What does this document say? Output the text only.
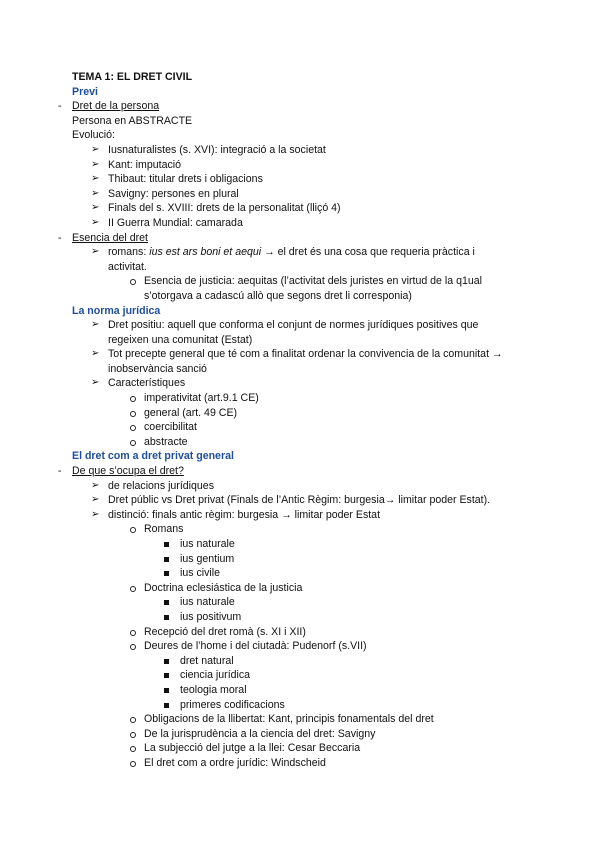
TEMA 1: EL DRET CIVIL
Previ
- Dret de la persona
Persona en ABSTRACTE
Evolució:
➢ Iusnaturalistes (s. XVI): integració a la societat
➢ Kant: imputació
➢ Thibaut: titular drets i obligacions
➢ Savigny: persones en plural
➢ Finals del s. XVIII: drets de la personalitat (lliçó 4)
➢ II Guerra Mundial: camarada
- Esencia del dret
➢ romans: ius est ars boni et aequi → el dret és una cosa que requeria pràctica i
activitat.
Esencia de justicia: aequitas (l’activitat dels juristes en virtud de la q1ual
s’otorgava a cadascú allò que segons dret li corresponia)
La norma jurídica
➢ Dret positiu: aquell que conforma el conjunt de normes jurídiques positives que
regeixen una comunitat (Estat)
➢ Tot precepte general que té com a finalitat ordenar la convivencia de la comunitat →
inobservància sanció
➢ Característiques
imperativitat (art.9.1 CE)
general (art. 49 CE)
coercibilitat
abstracte
El dret com a dret privat general
- De que s’ocupa el dret?
➢ de relacions jurídiques
➢ Dret públic vs Dret privat (Finals de l’Antic Règim: burgesia→ limitar poder Estat).
➢ distinció: finals antic règim: burgesia → limitar poder Estat
Romans
ius naturale
ius gentium
ius civile
Doctrina eclesiástica de la justicia
ius naturale
ius positivum
Recepció del dret romà (s. XI i XII)
Deures de l’home i del ciutadà: Pudenorf (s.VII)
dret natural
ciencia jurídica
teologia moral
primeres codificacions
Obligacions de la llibertat: Kant, principis fonamentals del dret
De la jurisprudència a la ciencia del dret: Savigny
La subjecció del jutge a la llei: Cesar Beccaria
El dret com a ordre jurídic: Windscheid
